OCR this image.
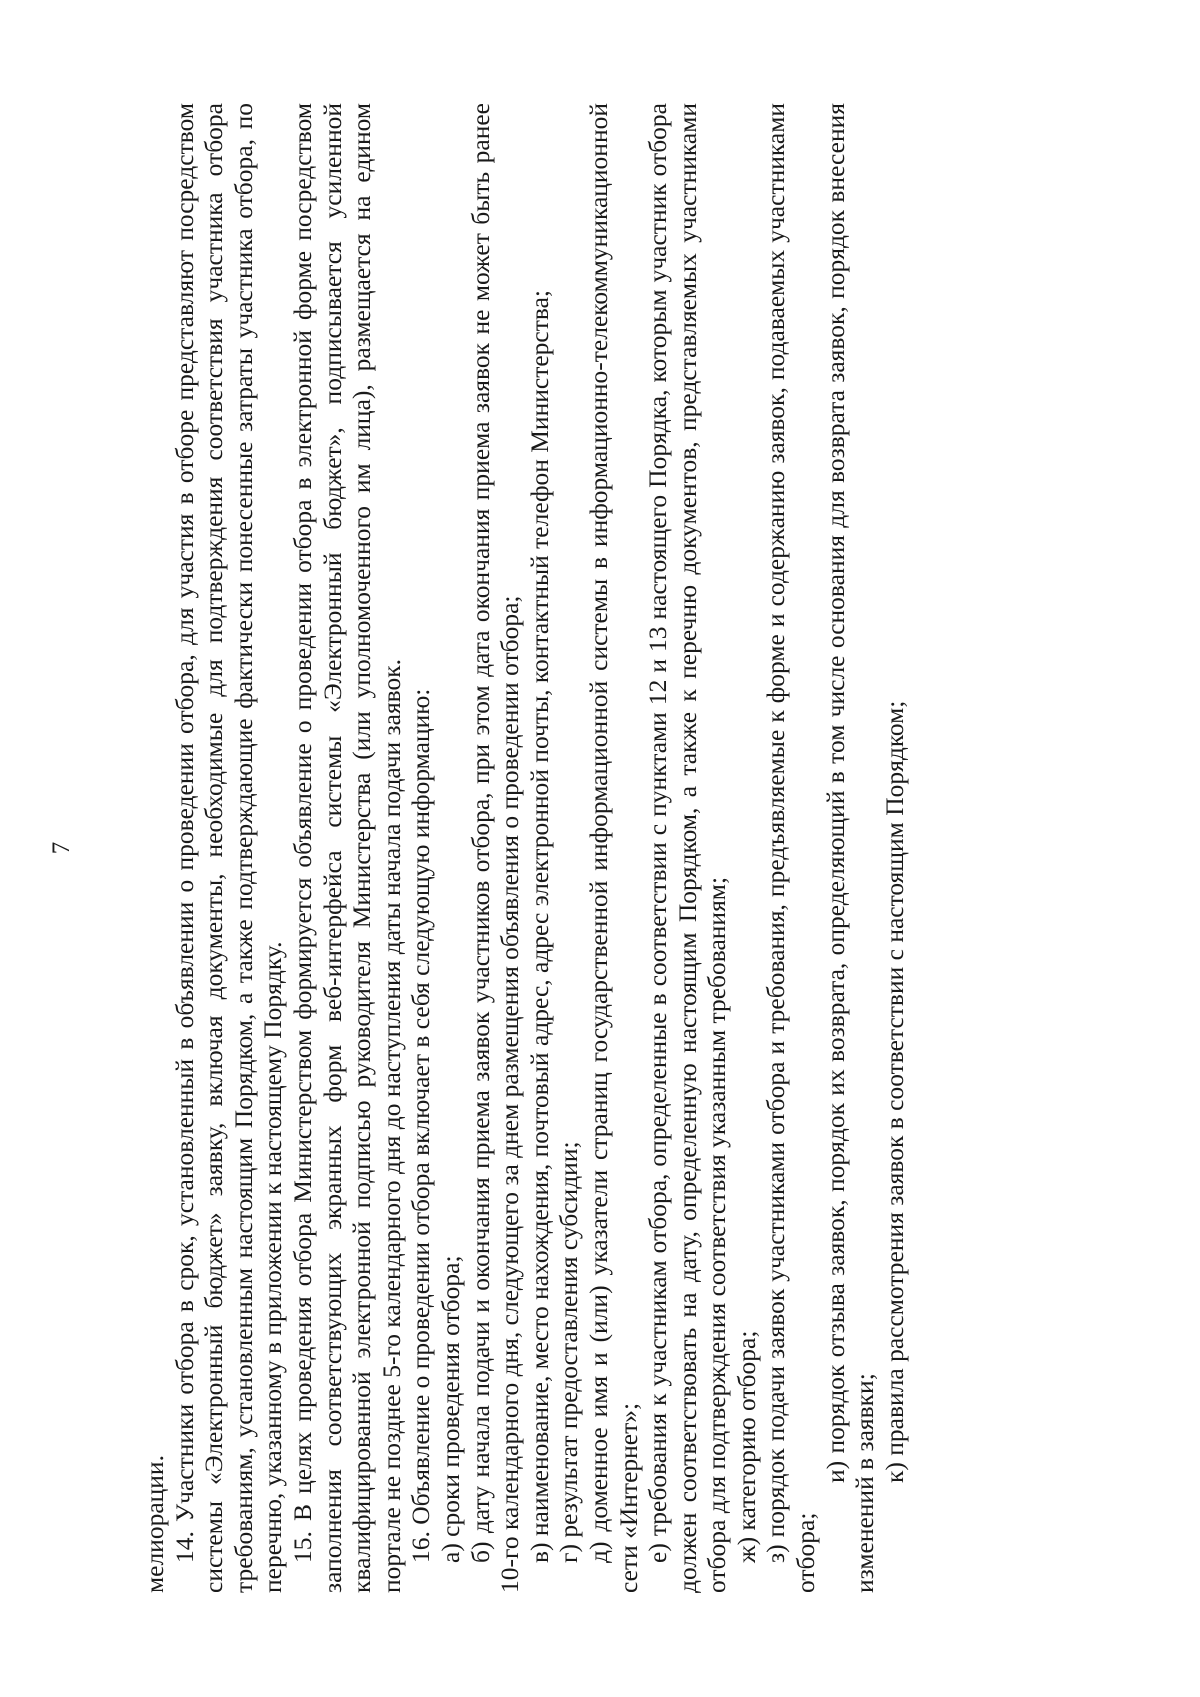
7

мелиорации. 14. Участники отбора в срок, установленный в объявлении о проведении отбора, для участия в отборе представляют посредством системы «Электронный бюджет» заявку, включая документы, необходимые для подтверждения соответствия участника отбора требованиям, установленным настоящим Порядком, а также подтверждающие фактически понесенные затраты участника отбора, по перечню, указанному в приложении к настоящему Порядку. 15. В целях проведения отбора Министерством формируется объявление о проведении отбора в электронной форме посредством заполнения соответствующих экранных форм веб-интерфейса системы «Электронный бюджет», подписывается усиленной квалифицированной электронной подписью руководителя Министерства (или уполномоченного им лица), размещается на едином портале не позднее 5-го календарного дня до наступления даты начала подачи заявок. 16. Объявление о проведении отбора включает в себя следующую информацию: а) сроки проведения отбора; б) дату начала подачи и окончания приема заявок участников отбора, при этом дата окончания приема заявок не может быть ранее 10-го календарного дня, следующего за днем размещения объявления о проведении отбора; в) наименование, место нахождения, почтовый адрес, адрес электронной почты, контактный телефон Министерства; г) результат предоставления субсидии; д) доменное имя и (или) указатели страниц государственной информационной системы в информационно-телекоммуникационной сети «Интернет»; е) требования к участникам отбора, определенные в соответствии с пунктами 12 и 13 настоящего Порядка, которым участник отбора должен соответствовать на дату, определенную настоящим Порядком, а также к перечню документов, представляемых участниками отбора для подтверждения соответствия указанным требованиям; ж) категорию отбора; з) порядок подачи заявок участниками отбора и требования, предъявляемые к форме и содержанию заявок, подаваемых участниками отбора;

и) порядок отзыва заявок, порядок их возврата, определяющий в том числе основания для возврата заявок, порядок внесения изменений в заявки;

к) правила рассмотрения заявок в соответствии с настоящим Порядком;
